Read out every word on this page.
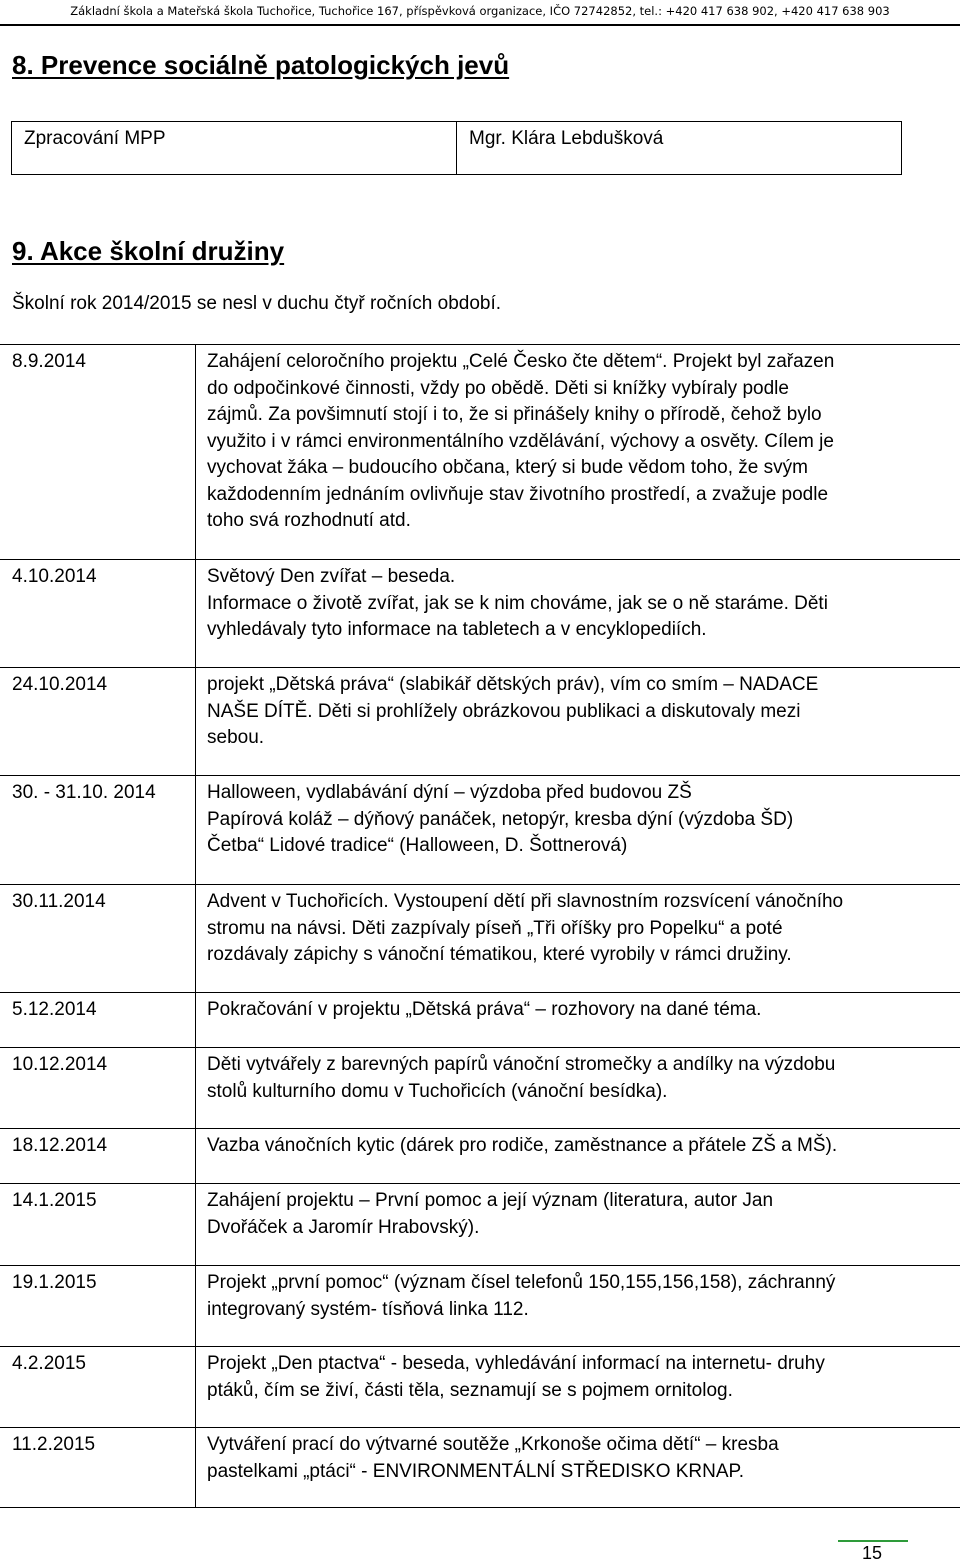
Základní škola a Mateřská škola Tuchořice, Tuchořice 167, příspěvková organizace, IČO 72742852, tel.: +420 417 638 902, +420 417 638 903
8. Prevence sociálně patologických jevů
Zpracování MPP	Mgr. Klára Lebdušková
9. Akce školní družiny
Školní rok 2014/2015 se nesl v duchu čtyř ročních období.
8.9.2014	Zahájení celoročního projektu „Celé Česko čte dětem“. Projekt byl zařazen

do odpočinkové činnosti, vždy po obědě. Děti si knížky vybíraly podle

zájmů. Za povšimnutí stojí i to, že si přinášely knihy o přírodě, čehož bylo

využito i v rámci environmentálního vzdělávání, výchovy a osvěty. Cílem je

vychovat žáka – budoucího občana, který si bude vědom toho, že svým

každodenním jednáním ovlivňuje stav životního prostředí, a zvažuje podle

toho svá rozhodnutí atd.

4.10.2014	Světový Den zvířat – beseda.

Informace o životě zvířat, jak se k nim chováme, jak se o ně staráme. Děti

vyhledávaly tyto informace na tabletech a v encyklopediích.

24.10.2014	projekt „Dětská práva“ (slabikář dětských práv), vím co smím – NADACE

NAŠE DÍTĚ. Děti si prohlížely obrázkovou publikaci a diskutovaly mezi

sebou.

30. - 31.10. 2014	Halloween, vydlabávání dýní – výzdoba před budovou ZŠ

Papírová koláž – dýňový panáček, netopýr, kresba dýní (výzdoba ŠD)

Četba“ Lidové tradice“ (Halloween, D. Šottnerová)

30.11.2014	Advent v Tuchořicích. Vystoupení dětí při slavnostním rozsvícení vánočního

stromu na návsi. Děti zazpívaly píseň „Tři oříšky pro Popelku“ a poté

rozdávaly zápichy s vánoční tématikou, které vyrobily v rámci družiny.

5.12.2014	Pokračování v projektu „Dětská práva“ – rozhovory na dané téma.

10.12.2014	Děti vytvářely z barevných papírů vánoční stromečky a andílky na výzdobu

stolů kulturního domu v Tuchořicích (vánoční besídka).

18.12.2014	Vazba vánočních kytic (dárek pro rodiče, zaměstnance a přátele ZŠ a MŠ).

14.1.2015	Zahájení projektu – První pomoc a její význam (literatura, autor Jan

Dvořáček a Jaromír Hrabovský).

19.1.2015	Projekt „první pomoc“ (význam čísel telefonů 150,155,156,158), záchranný

integrovaný systém- tísňová linka 112.

4.2.2015	Projekt „Den ptactva“ - beseda, vyhledávání informací na internetu- druhy

ptáků, čím se živí, části těla, seznamují se s pojmem ornitolog.

11.2.2015	Vytváření prací do výtvarné soutěže „Krkonoše očima dětí“ – kresba

pastelkami „ptáci“ - ENVIRONMENTÁLNÍ STŘEDISKO KRNAP.

15
